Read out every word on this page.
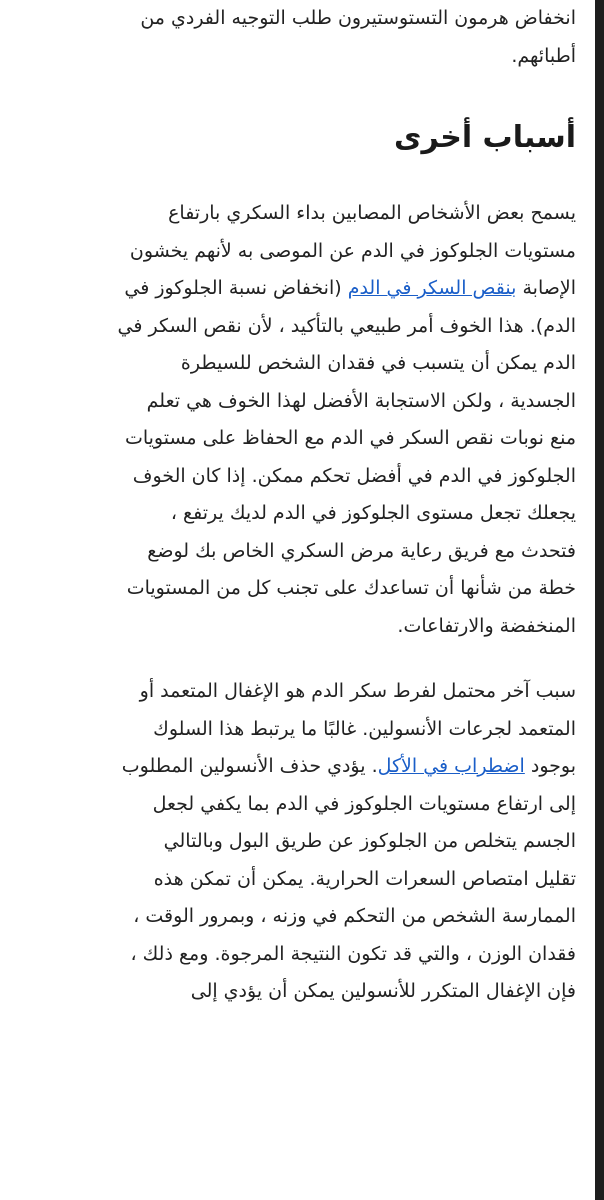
انخفاض هرمون التستوستيرون طلب التوجيه الفردي من
أطبائهم.

أسباب أخرى

يسمح بعض الأشخاص المصابين بداء السكري بارتفاع
مستويات الجلوكوز في الدم عن الموصى به لأنهم يخشون
الإصابة بنقص السكر في الدم (انخفاض نسبة الجلوكوز في
الدم). هذا الخوف أمر طبيعي بالتأكيد ، لأن نقص السكر في
الدم يمكن أن يتسبب في فقدان الشخص للسيطرة
الجسدية ، ولكن الاستجابة الأفضل لهذا الخوف هي تعلم
منع نوبات نقص السكر في الدم مع الحفاظ على مستويات
الجلوكوز في الدم في أفضل تحكم ممكن. إذا كان الخوف
يجعلك تجعل مستوى الجلوكوز في الدم لديك يرتفع ،
فتحدث مع فريق رعاية مرض السكري الخاص بك لوضع
خطة من شأنها أن تساعدك على تجنب كل من المستويات
المنخفضة والارتفاعات.

سبب آخر محتمل لفرط سكر الدم هو الإغفال المتعمد أو
المتعمد لجرعات الأنسولين. غالبًا ما يرتبط هذا السلوك
بوجود اضطراب في الأكل. يؤدي حذف الأنسولين المطلوب
إلى ارتفاع مستويات الجلوكوز في الدم بما يكفي لجعل
الجسم يتخلص من الجلوكوز عن طريق البول وبالتالي
تقليل امتصاص السعرات الحرارية. يمكن أن تمكن هذه
الممارسة الشخص من التحكم في وزنه ، وبمرور الوقت ،
فقدان الوزن ، والتي قد تكون النتيجة المرجوة. ومع ذلك ،
فإن الإغفال المتكرر للأنسولين يمكن أن يؤدي إلى
